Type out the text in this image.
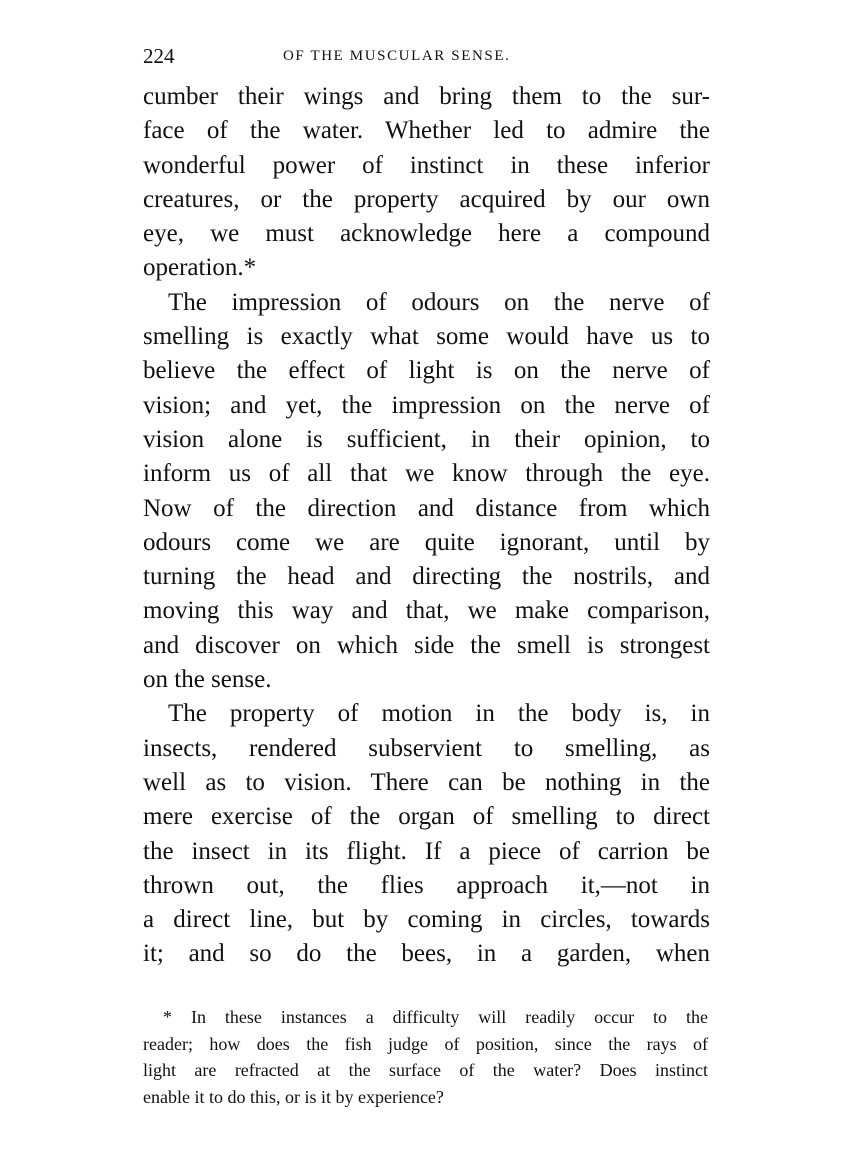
224	OF THE MUSCULAR SENSE.
cumber their wings and bring them to the sur-
face of the water. Whether led to admire the
wonderful power of instinct in these inferior
creatures, or the property acquired by our own
eye, we must acknowledge here a compound
operation.*
The impression of odours on the nerve of
smelling is exactly what some would have us to
believe the effect of light is on the nerve of
vision; and yet, the impression on the nerve of
vision alone is sufficient, in their opinion, to
inform us of all that we know through the eye.
Now of the direction and distance from which
odours come we are quite ignorant, until by
turning the head and directing the nostrils, and
moving this way and that, we make comparison,
and discover on which side the smell is strongest
on the sense.
The property of motion in the body is, in
insects, rendered subservient to smelling, as
well as to vision. There can be nothing in the
mere exercise of the organ of smelling to direct
the insect in its flight. If a piece of carrion be
thrown out, the flies approach it,—not in
a direct line, but by coming in circles, towards
it; and so do the bees, in a garden, when
* In these instances a difficulty will readily occur to the
reader; how does the fish judge of position, since the rays of
light are refracted at the surface of the water? Does instinct
enable it to do this, or is it by experience?
